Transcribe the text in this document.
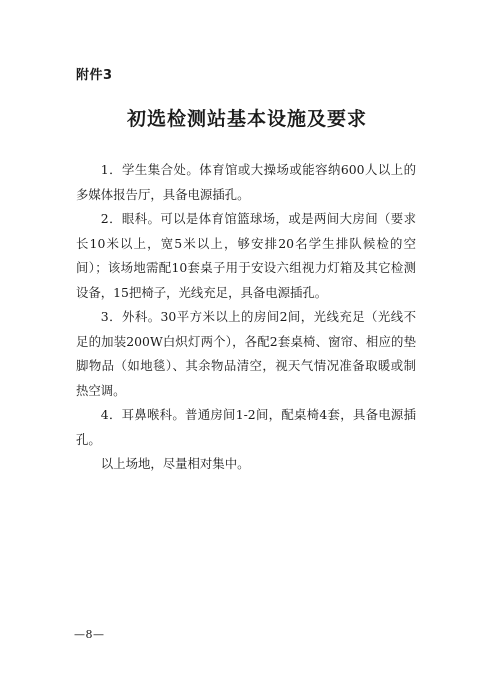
附件3
初选检测站基本设施及要求

1．学生集合处。体育馆或大操场或能容纳600人以上的多媒体报告厅，具备电源插孔。

2．眼科。可以是体育馆篮球场，或是两间大房间（要求长10米以上，宽5米以上，够安排20名学生排队候检的空间）；该场地需配10套桌子用于安设六组视力灯箱及其它检测设备，15把椅子，光线充足，具备电源插孔。

3．外科。30平方米以上的房间2间，光线充足（光线不足的加装200W白炽灯两个），各配2套桌椅、窗帘、相应的垫脚物品（如地毯）、其余物品清空，视天气情况准备取暖或制热空调。

4．耳鼻喉科。普通房间1-2间，配桌椅4套，具备电源插孔。

以上场地，尽量相对集中。

—8—
